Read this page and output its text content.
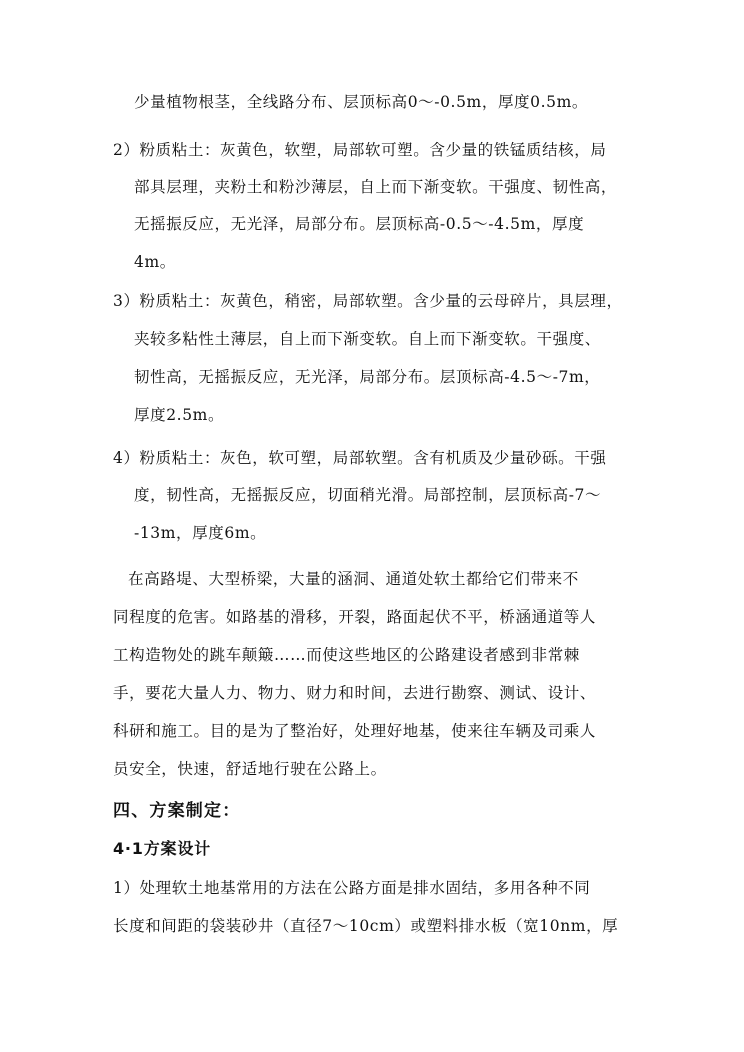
少量植物根茎，全线路分布、层顶标高0～-0.5m，厚度0.5m。
2）粉质粘土：灰黄色，软塑，局部软可塑。含少量的铁锰质结核，局
部具层理，夹粉土和粉沙薄层，自上而下渐变软。干强度、韧性高，
无摇振反应，无光泽，局部分布。层顶标高-0.5～-4.5m，厚度
4m。
3）粉质粘土：灰黄色，稍密，局部软塑。含少量的云母碎片，具层理，
夹较多粘性土薄层，自上而下渐变软。自上而下渐变软。干强度、
韧性高，无摇振反应，无光泽，局部分布。层顶标高-4.5～-7m，
厚度2.5m。
4）粉质粘土：灰色，软可塑，局部软塑。含有机质及少量砂砾。干强
度，韧性高，无摇振反应，切面稍光滑。局部控制，层顶标高-7～
-13m，厚度6m。
在高路堤、大型桥梁，大量的涵洞、通道处软土都给它们带来不
同程度的危害。如路基的滑移，开裂，路面起伏不平，桥涵通道等人
工构造物处的跳车颠簸……而使这些地区的公路建设者感到非常棘
手，要花大量人力、物力、财力和时间，去进行勘察、测试、设计、
科研和施工。目的是为了整治好，处理好地基，使来往车辆及司乘人
员安全，快速，舒适地行驶在公路上。
四、方案制定：
4·1方案设计
1）处理软土地基常用的方法在公路方面是排水固结，多用各种不同
长度和间距的袋装砂井（直径7～10cm）或塑料排水板（宽10nm，厚
